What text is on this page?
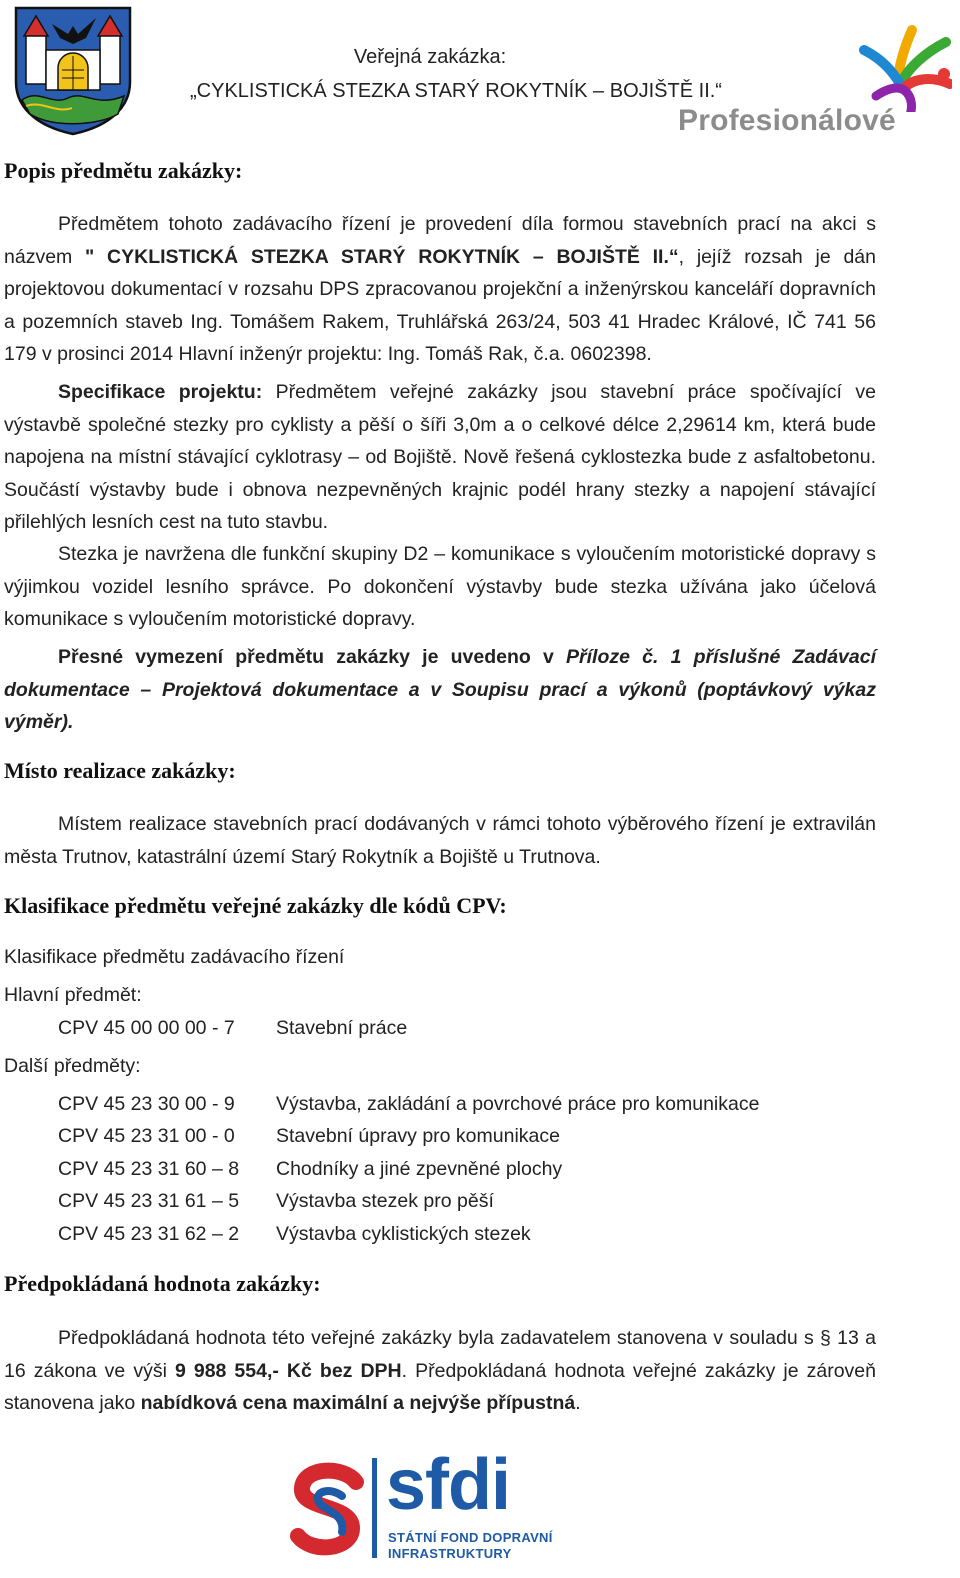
Veřejná zakázka:
„CYKLISTICKÁ STEZKA STARÝ ROKYTNÍK – BOJIŠTĚ II.“
Profesionálové
Popis předmětu zakázky:
Předmětem tohoto zadávacího řízení je provedení díla formou stavebních prací na akci s názvem " CYKLISTICKÁ STEZKA STARÝ ROKYTNÍK – BOJIŠTĚ II.“, jejíž rozsah je dán projektovou dokumentací v rozsahu DPS zpracovanou projekční a inženýrskou kanceláří dopravních a pozemních staveb Ing. Tomášem Rakem, Truhlářská 263/24, 503 41 Hradec Králové, IČ 741 56 179 v prosinci 2014 Hlavní inženýr projektu: Ing. Tomáš Rak, č.a. 0602398.
Specifikace projektu: Předmětem veřejné zakázky jsou stavební práce spočívající ve výstavbě společné stezky pro cyklisty a pěší o šíři 3,0m a o celkové délce 2,29614 km, která bude napojena na místní stávající cyklotrasy – od Bojiště. Nově řešená cyklostezka bude z asfaltobetonu. Součástí výstavby bude i obnova nezpevněných krajnic podél hrany stezky a napojení stávající přilehlých lesních cest na tuto stavbu.
Stezka je navržena dle funkční skupiny D2 – komunikace s vyloučením motoristické dopravy s výjimkou vozidel lesního správce. Po dokončení výstavby bude stezka užívána jako účelová komunikace s vyloučením motoristické dopravy.
Přesné vymezení předmětu zakázky je uvedeno v Příloze č. 1 příslušné Zadávací dokumentace – Projektová dokumentace a v Soupisu prací a výkonů (poptávkový výkaz výměr).
Místo realizace zakázky:
Místem realizace stavebních prací dodávaných v rámci tohoto výběrového řízení je extravilán města Trutnov, katastrální území Starý Rokytník a Bojiště u Trutnova.
Klasifikace předmětu veřejné zakázky dle kódů CPV:
Klasifikace předmětu zadávacího řízení
Hlavní předmět:
CPV 45 00 00 00 - 7 Stavební práce
Další předměty:
CPV 45 23 30 00 - 9 Výstavba, zakládání a povrchové práce pro komunikace
CPV 45 23 31 00 - 0 Stavební úpravy pro komunikace
CPV 45 23 31 60 – 8 Chodníky a jiné zpevněné plochy
CPV 45 23 31 61 – 5 Výstavba stezek pro pěší
CPV 45 23 31 62 – 2 Výstavba cyklistických stezek
Předpokládaná hodnota zakázky:
Předpokládaná hodnota této veřejné zakázky byla zadavatelem stanovena v souladu s § 13 a 16 zákona ve výši 9 988 554,- Kč bez DPH. Předpokládaná hodnota veřejné zakázky je zároveň stanovena jako nabídková cena maximální a nejvýše přípustná.
sfdi
STÁTNÍ FOND DOPRAVNÍ
INFRASTRUKTURY
